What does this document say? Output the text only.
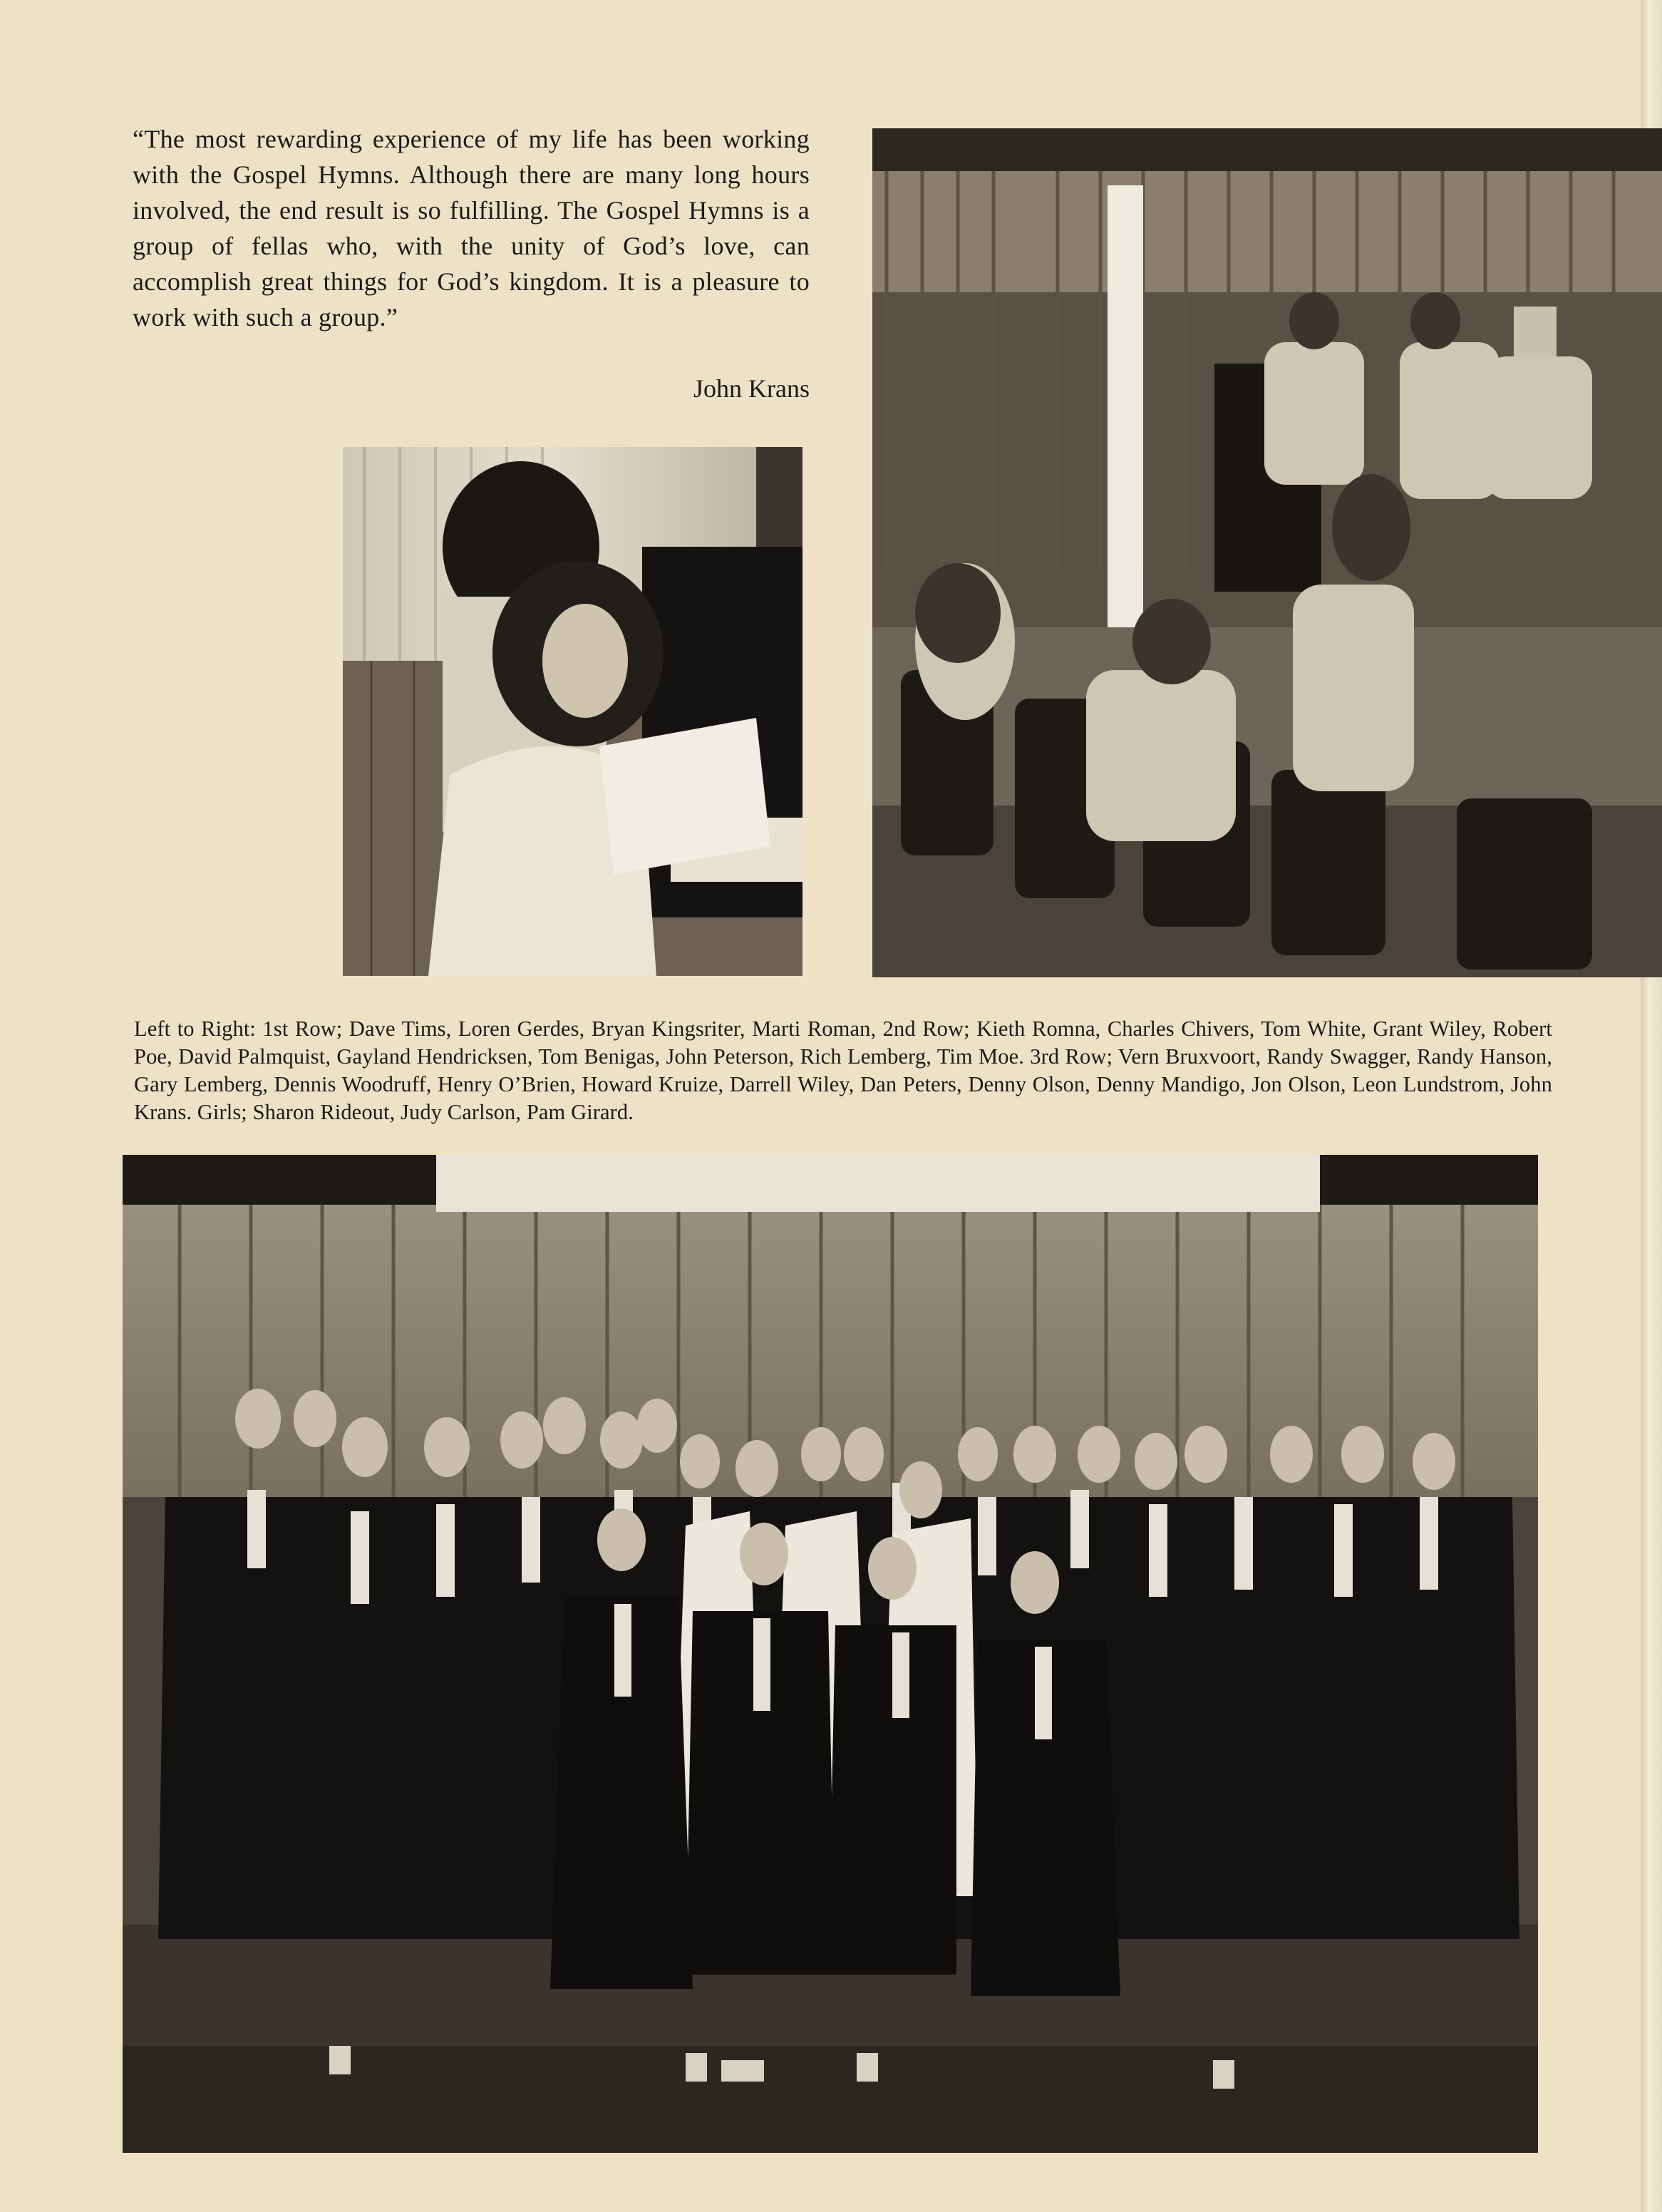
“The most rewarding experience of my life has been working with the Gospel Hymns. Although there are many long hours involved, the end result is so fulfilling. The Gospel Hymns is a group of fellas who, with the unity of God’s love, can accomplish great things for God’s kingdom. It is a pleasure to work with such a group.”

John Krans

Left to Right: 1st Row; Dave Tims, Loren Gerdes, Bryan Kingsriter, Marti Roman, 2nd Row; Kieth Romna, Charles Chivers, Tom White, Grant Wiley, Robert Poe, David Palmquist, Gayland Hendricksen, Tom Benigas, John Peterson, Rich Lemberg, Tim Moe. 3rd Row; Vern Bruxvoort, Randy Swagger, Randy Hanson, Gary Lemberg, Dennis Woodruff, Henry O’Brien, Howard Kruize, Darrell Wiley, Dan Peters, Denny Olson, Denny Mandigo, Jon Olson, Leon Lundstrom, John Krans. Girls; Sharon Rideout, Judy Carlson, Pam Girard.
